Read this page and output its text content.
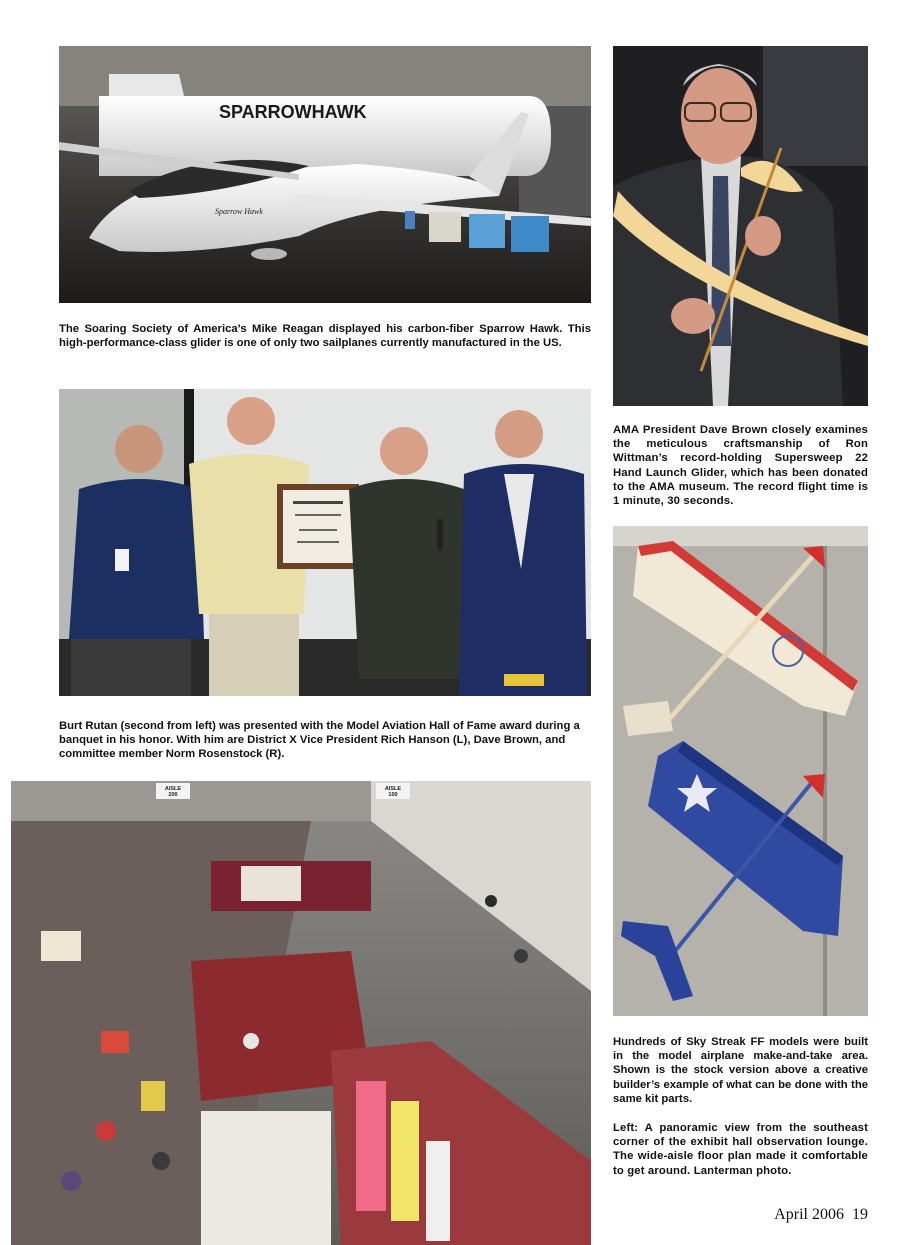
SPARROWHAWK
Sparrow Hawk

The Soaring Society of America’s Mike Reagan displayed his carbon-fiber Sparrow Hawk. This high-performance-class glider is one of only two sailplanes currently manufactured in the US.

Burt Rutan (second from left) was presented with the Model Aviation Hall of Fame award during a banquet in his honor. With him are District X Vice President Rich Hanson (L), Dave Brown, and committee member Norm Rosenstock (R).

AMA President Dave Brown closely examines the meticulous craftsmanship of Ron Wittman’s record-holding Supersweep 22 Hand Launch Glider, which has been donated to the AMA museum. The record flight time is 1 minute, 30 seconds.

Hundreds of Sky Streak FF models were built in the model airplane make-and-take area. Shown is the stock version above a creative builder’s example of what can be done with the same kit parts.

AISLE 200
AISLE 100

Left: A panoramic view from the southeast corner of the exhibit hall observation lounge. The wide-aisle floor plan made it comfortable to get around. Lanterman photo.

April 2006 19
